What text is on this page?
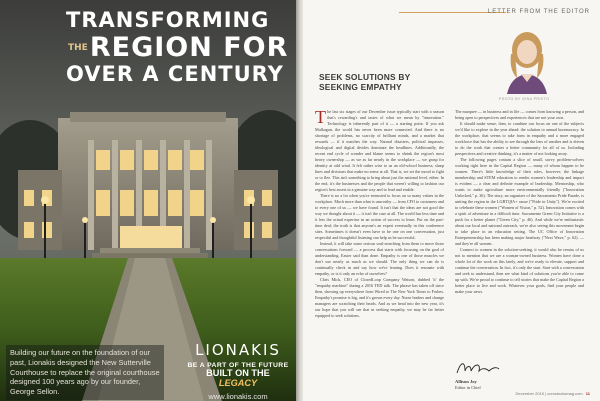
TRANSFORMING
THEREGION FOR
OVER A CENTURY
Building our future on the foundation of our past, Lionakis designed the New Sutterville Courthouse to replace the original courthouse designed 100 years ago by our founder, George Sellon.
LIONAKIS
BE A PART OF THE FUTURE
BUILT ON THE LEGACY
www.lionakis.com
LETTER FROM THE EDITOR
PHOTO BY GINA PRIETO
SEEK SOLUTIONS BY SEEKING EMPATHY

The last six stages of our December issue typically start with a season that's rewarding's and tastes of what we mean by "innovation." Technology is inherently part of it — a starting point. If you ask Mulkagan, the world has never been more connected. And there is no shortage of problems, no scarcity of brilliant minds, and a market that rewards — if it matches the way. Natural disasters, political impasses, ideological and digital divides dominate the headlines. Additionally, the recent end cycle of wonder and blame seems to shrink the region's most heavy ownership — as we as far nearly in the workplace — we grasp for identity at odd wind. It felt rather wise to us an old-school business; sharp lines and divisions that make no sense at all. That is, we set the mood to fight or to flee. This isn't something to bring about just the national level, either. In the end, it's the businesses and the people that weren't willing to fashion our region's best assets in a genuine way and to lead and enable.

There is no a lot when you're entrusted to focus on so many values in the workplace. Much more than what is unworthy — from CFO to customers and to every one of us — we have found. It isn't that the ideas are not good the way we thought about it — it isn't the case at all. The world has less time and it less the actual expertise in an action of success to learn. Put on the part-time deal; the truth is that anyone's an expert eventually in this conference sites. Sometimes it doesn't even have to be one on one conversation, just respectful and thoughtful listening can help us be successful.

Instead, it will take some serious soul-searching from them to move those conversations forward — a process that starts with focusing on the goal of understanding. Easier said than done. Empathy is one of those muscles we don't use nearly as much as we should. The only thing we can do is continually check in and say how we're leaning. Does it resonate with empathy, or is it only an echo of ourselves?

Chris Mick, CEO of ClosedLoop Company Watson, dubbed 'it' the "empathy machine" during a 2016 TED talk. The phrase has taken off since then, showing up everywhere from Wired to The New York Times to Forbes. Empathy's promise is big, and it's grown every day. Nurse leaders and change managers are scratching their heads. And as we head into the new year, it's our hope that you will see that in seeking empathy, we may be far better equipped to seek solutions.

The marquee — in business and in life — comes from knowing a person, and being open to perspectives and experiences that are not your own.

It should make sense, then, to combine our focus on one of the subjects we'd like to explore in the year ahead: the solution to annual bureaucracy. In the workplace, that seems to take form in empathy and a more engaged workforce that has the ability to see through the lens of another and is driven to do the work that creates a better community for all of us. Including perspectives and creative thinking, it's a matter of not looking away.

The following pages contain a slice of small, savvy problem-solvers working right here in the Capital Region — many of whom happen to be women. There's little knowledge of their roles, however; the linkage membership and STEM education to render women's leadership and impact is evident — a clear and definite example of leadership. Mentorship, who wants to make agriculture more environmentally friendly ("Innovation Unlocked," p. 36). The story, an organizer of the Sacramento Pride Parade, is uniting the region in the LGBTQIA+ cause ("Pride in Unity"). We're excited to celebrate these women ("Women of Vision," p. 52). Innovation comes with a spirit of adventure in a difficult time. Sacramento Green City Initiative is a push for a better planet ("Green City," p. 46). And while we're enthusiastic about our local and national outreach, we're also seeing this movement begin to take place in an education setting. The UC Office of Innovation Entrepreneurship has been making major headway ("Next Wave," p. 62). — and they're all women.

Connect to women in the solution-seeking, it would also be remiss of us not to mention that we are a woman-owned business. Women have done a whole lot of the work on this lately, and we're ready to elevate, support and continue the conversation. In fact, it's only the start. Start with a conversation and seek to understand, then see what kind of solutions you're able to come up with. We're proud to continue to tell stories that make the Capital Region a better place to live and work. Whatever your goals, find your people and make your news.

Allison Joy
Editor in Chief
December 2019 | comstocksmag.com 11
